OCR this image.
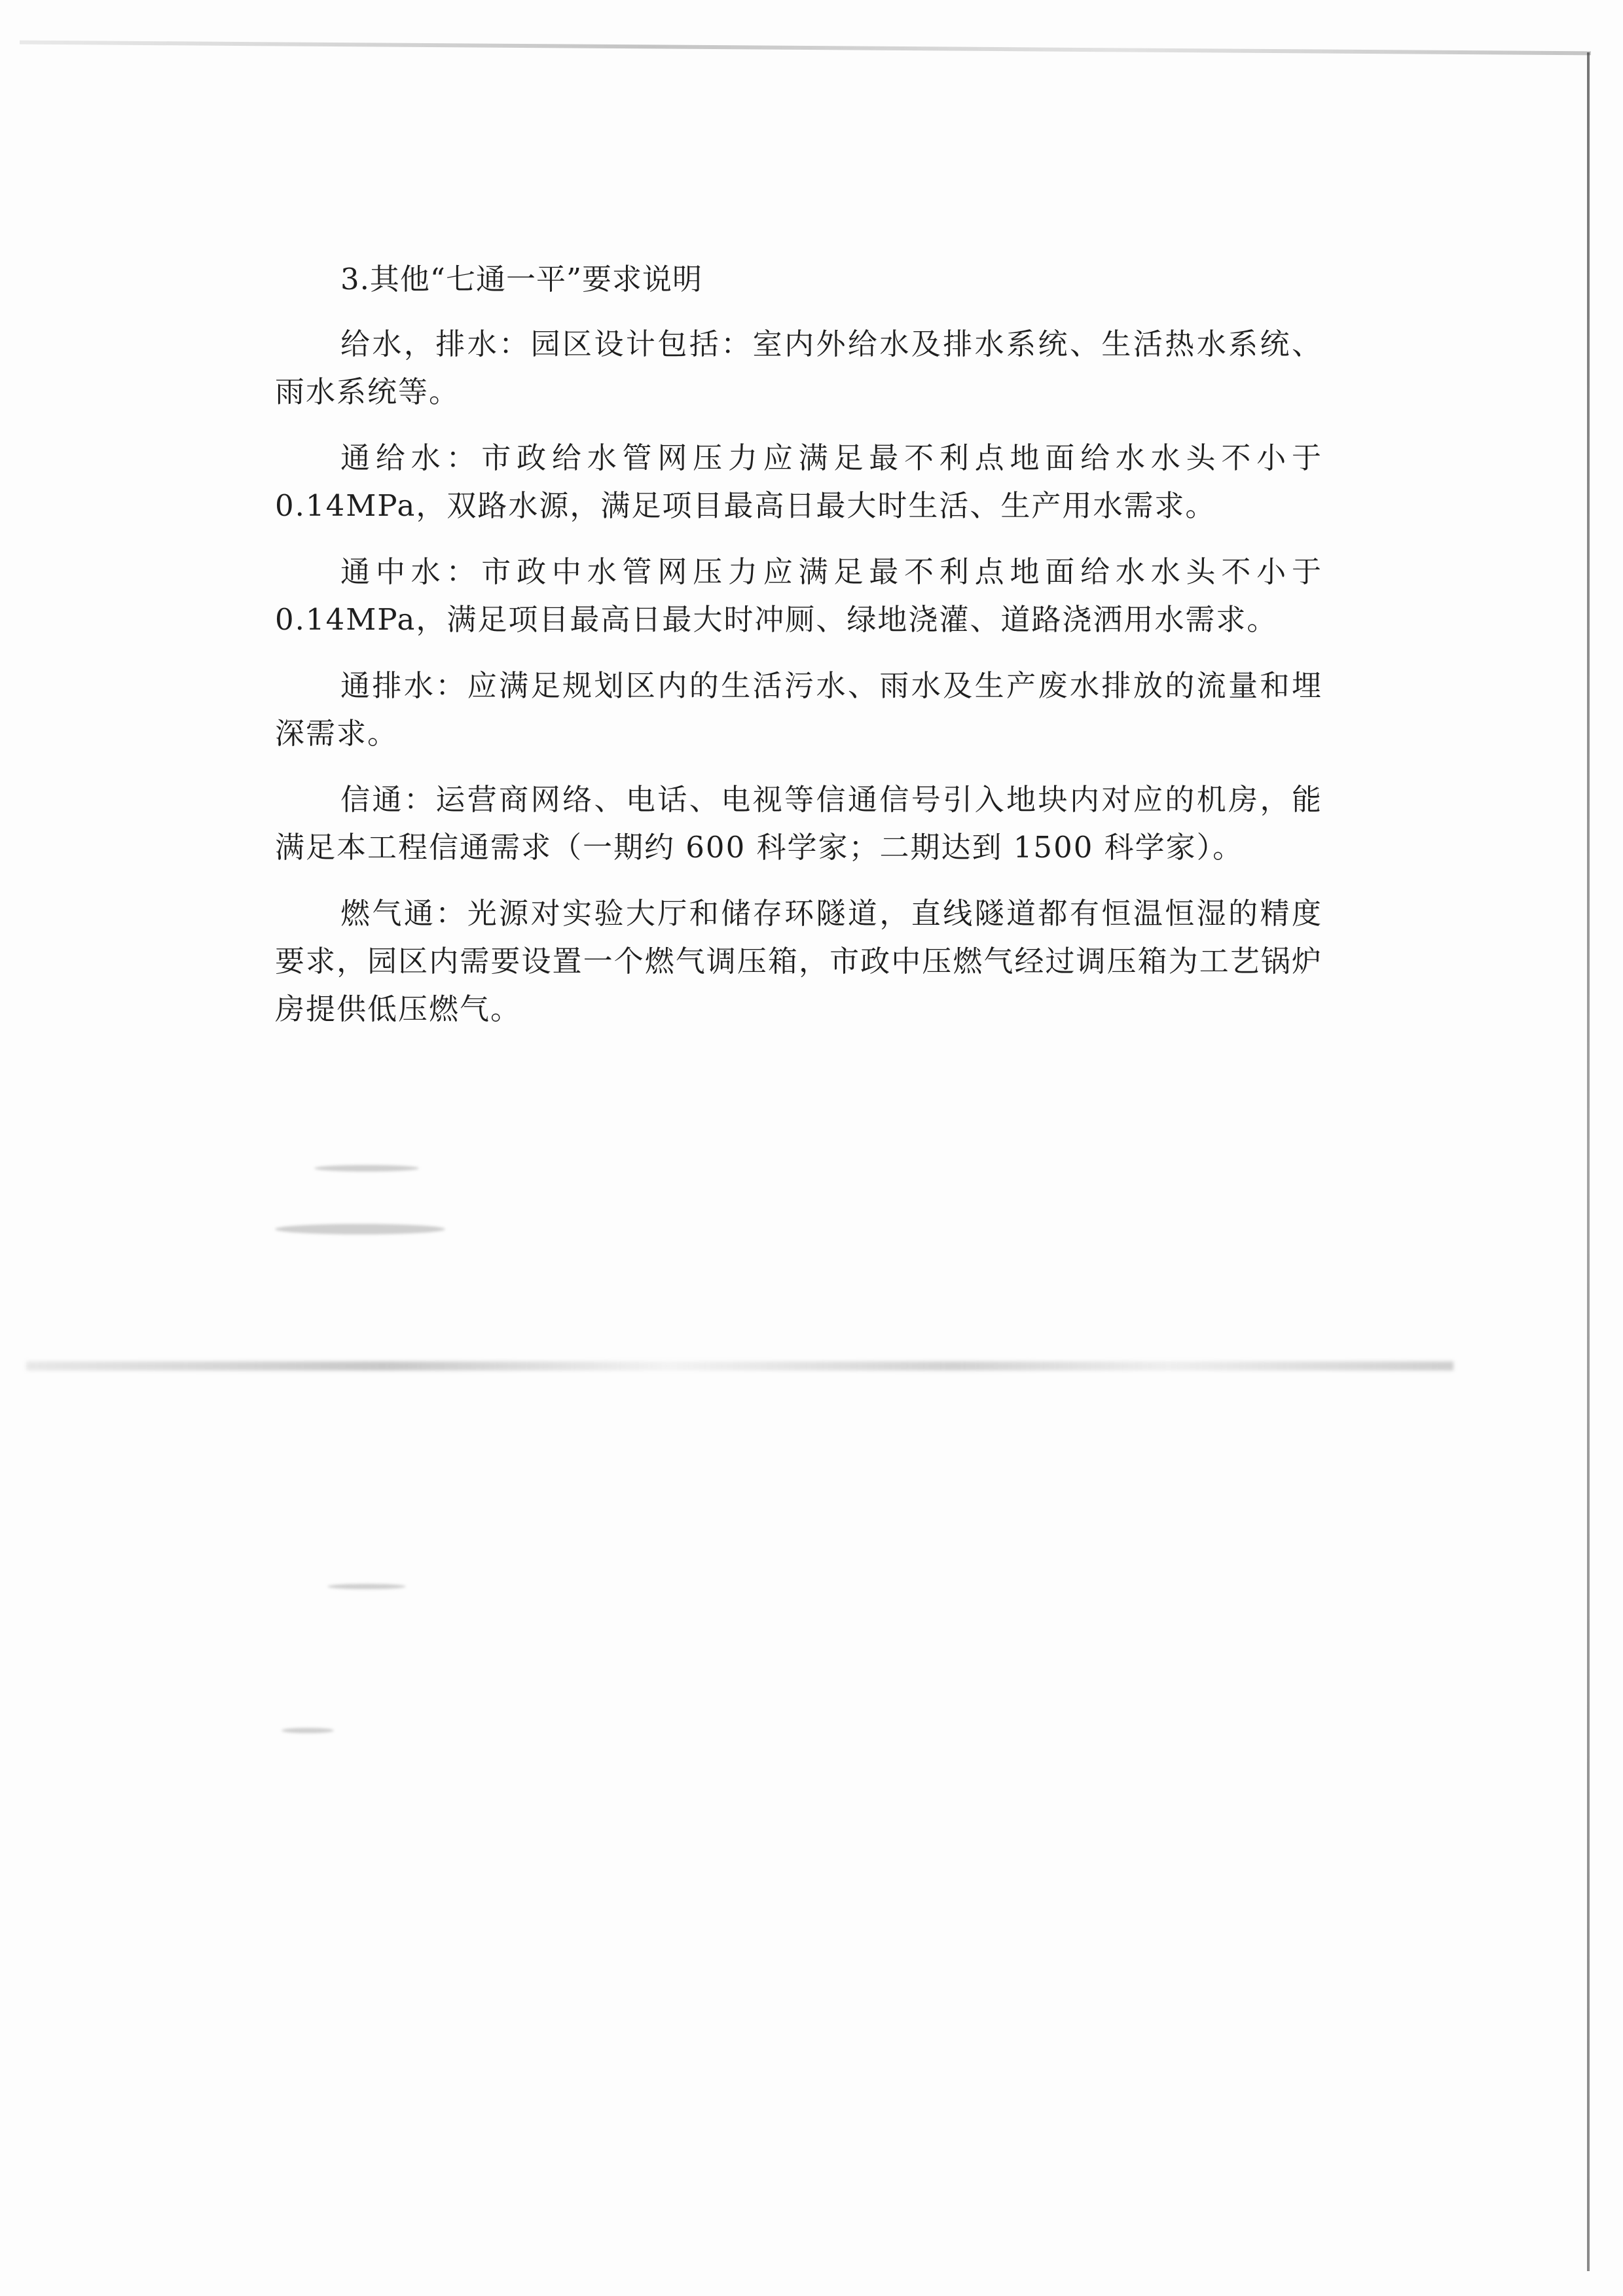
3.其他“七通一平”要求说明

给水，排水：园区设计包括：室内外给水及排水系统、生活热水系统、雨水系统等。

通给水：市政给水管网压力应满足最不利点地面给水水头不小于 0.14MPa，双路水源，满足项目最高日最大时生活、生产用水需求。

通中水：市政中水管网压力应满足最不利点地面给水水头不小于 0.14MPa，满足项目最高日最大时冲厕、绿地浇灌、道路浇洒用水需求。

通排水：应满足规划区内的生活污水、雨水及生产废水排放的流量和埋深需求。

信通：运营商网络、电话、电视等信通信号引入地块内对应的机房，能满足本工程信通需求（一期约 600 科学家；二期达到 1500 科学家）。

燃气通：光源对实验大厅和储存环隧道，直线隧道都有恒温恒湿的精度要求，园区内需要设置一个燃气调压箱，市政中压燃气经过调压箱为工艺锅炉房提供低压燃气。
